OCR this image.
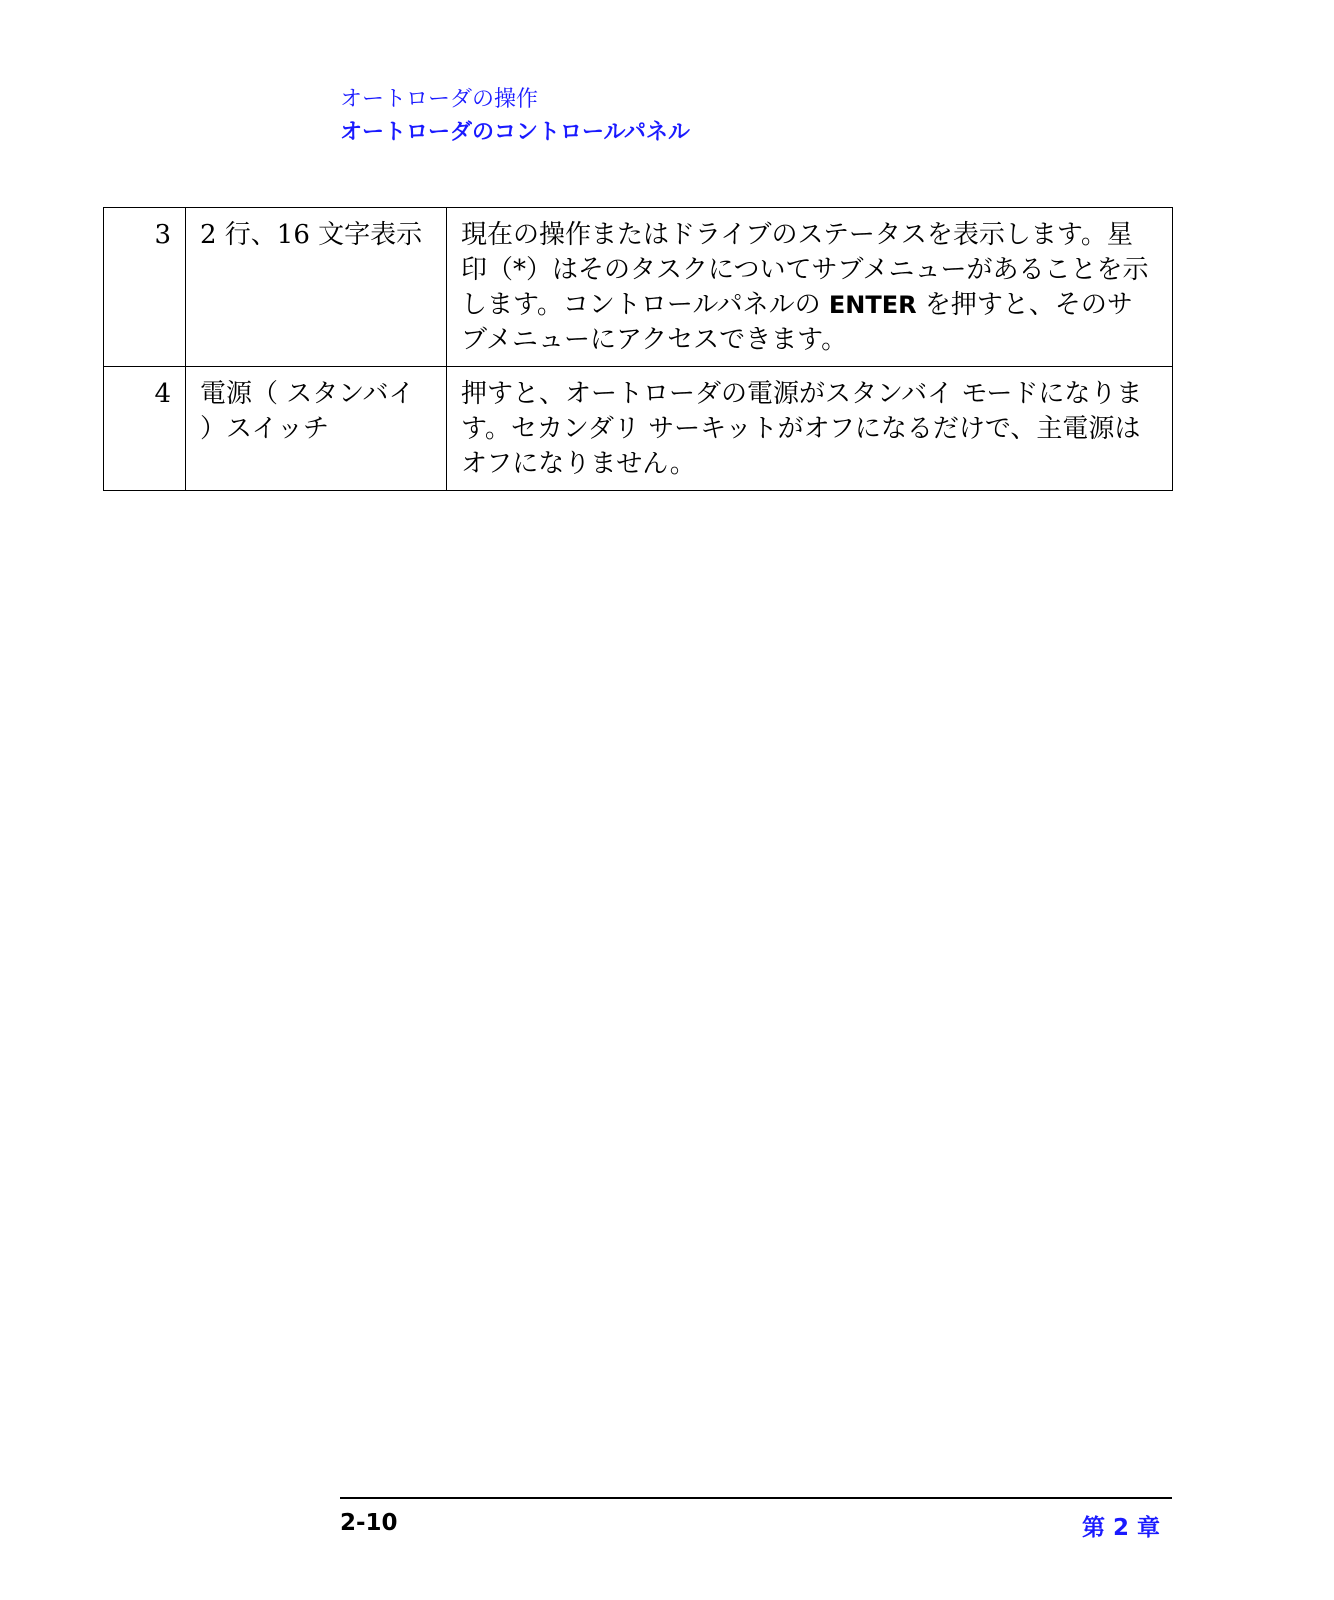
オートローダの操作
オートローダのコントロールパネル
3	2 行、16 文字表示	現在の操作またはドライブのステータスを表示します。星印（*）はそのタスクについてサブメニューがあることを示します。コントロールパネルの ENTER を押すと、そのサブメニューにアクセスできます。
4	電源（ スタンバイ ）スイッチ	押すと、オートローダの電源がスタンバイ モードになります。セカンダリ サーキットがオフになるだけで、主電源はオフになりません。
2-10	第 2 章
